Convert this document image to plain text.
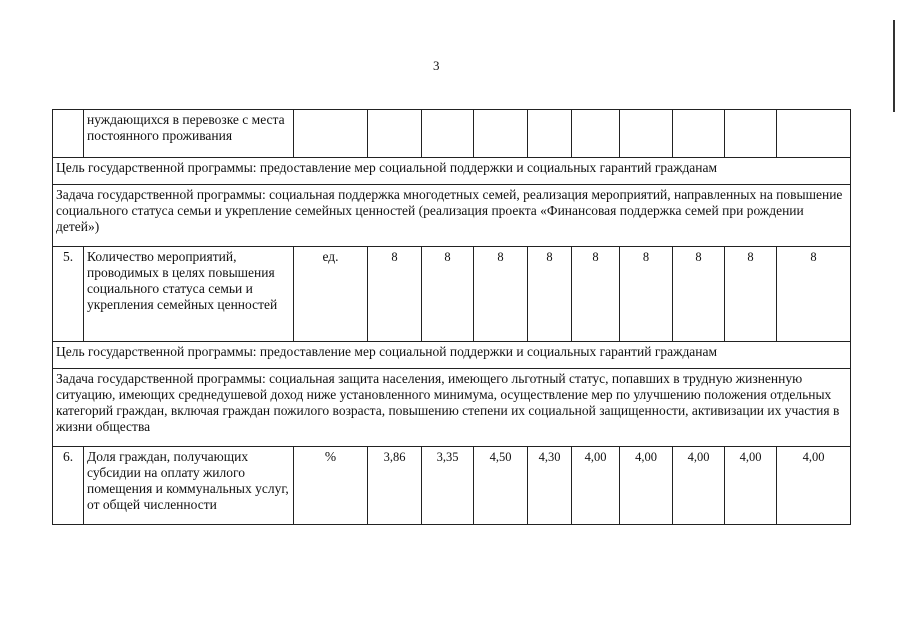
3
	нуждающихся в перевозке с места постоянного проживания										
Цель государственной программы: предоставление мер социальной поддержки и социальных гарантий гражданам											
Задача государственной программы: социальная поддержка многодетных семей, реализация мероприятий, направленных на повышение социального статуса семьи и укрепление семейных ценностей (реализация проекта «Финансовая поддержка семей при рождении детей»)											
5.	Количество мероприятий, проводимых в целях повышения социального статуса семьи и укрепления семейных ценностей	ед.	8	8	8	8	8	8	8	8	8
Цель государственной программы: предоставление мер социальной поддержки и социальных гарантий гражданам											
Задача государственной программы: социальная защита населения, имеющего льготный статус, попавших в трудную жизненную ситуацию, имеющих среднедушевой доход ниже установленного минимума, осуществление мер по улучшению положения отдельных категорий граждан, включая граждан пожилого возраста, повышению степени их социальной защищенности, активизации их участия в жизни общества											
6.	Доля граждан, получающих субсидии на оплату жилого помещения и коммунальных услуг, от общей численности	%	3,86	3,35	4,50	4,30	4,00	4,00	4,00	4,00	4,00
